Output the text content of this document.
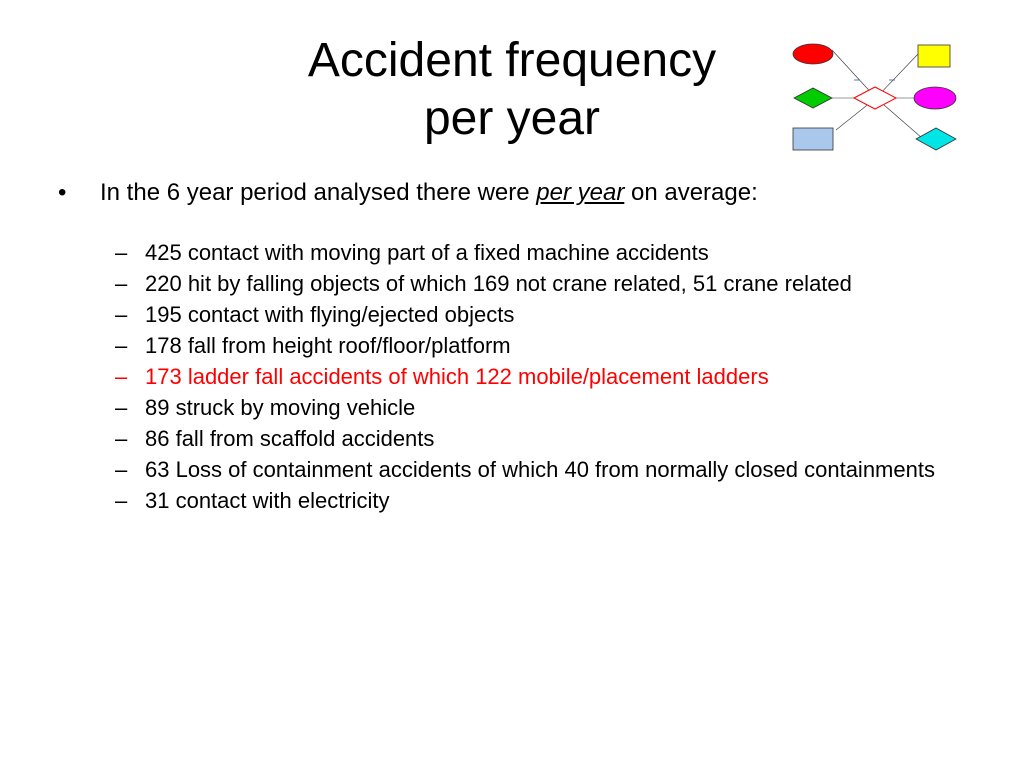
Accident frequency
per year
• In the 6 year period analysed there were per year on average:
– 425 contact with moving part of a fixed machine accidents
– 220 hit by falling objects of which 169 not crane related, 51 crane related
– 195 contact with flying/ejected objects
– 178 fall from height roof/floor/platform
– 173 ladder fall accidents of which 122 mobile/placement ladders
– 89 struck by moving vehicle
– 86 fall from scaffold accidents
– 63 Loss of containment accidents of which 40 from normally closed containments
– 31 contact with electricity
